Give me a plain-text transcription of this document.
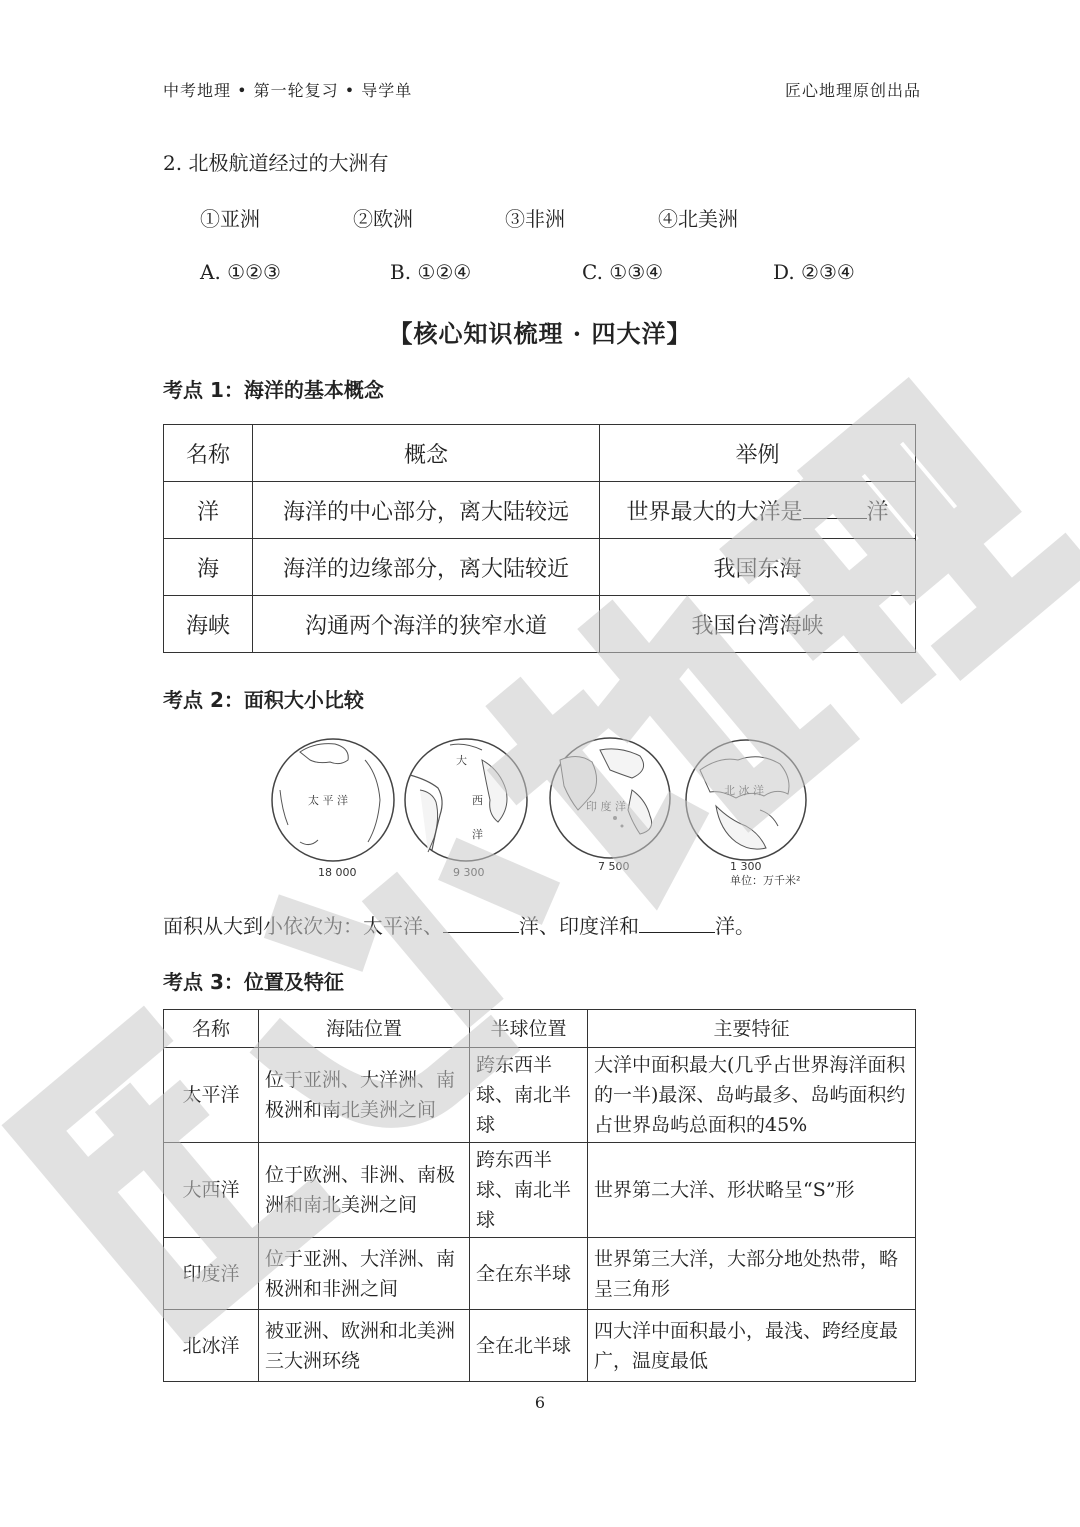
中考地理 • 第一轮复习 • 导学单	匠心地理原创出品
2. 北极航道经过的大洲有
①亚洲	②欧洲	③非洲	④北美洲
A. ①②③	B. ①②④	C. ①③④	D. ②③④
【核心知识梳理 · 四大洋】
考点 1：海洋的基本概念
名称	概念	举例
洋	海洋的中心部分，离大陆较远	世界最大的大洋是 洋
海	海洋的边缘部分，离大陆较近	我国东海
海峡	沟通两个海洋的狭窄水道	我国台湾海峡
考点 2：面积大小比较
太 平 洋
18 000
大
西
洋
9 300
印 度 洋
7 500
北 冰 洋
1 300
单位：万千米²
面积从大到小依次为：太平洋、	洋、印度洋和	洋。
考点 3：位置及特征
名称	海陆位置	半球位置	主要特征
太平洋	位于亚洲、大洋洲、南极洲和南北美洲之间	跨东西半球、南北半球	大洋中面积最大(几乎占世界海洋面积的一半)最深、岛屿最多、岛屿面积约占世界岛屿总面积的45%
大西洋	位于欧洲、非洲、南极洲和南北美洲之间	跨东西半球、南北半球	世界第二大洋、形状略呈“S”形
印度洋	位于亚洲、大洋洲、南极洲和非洲之间	全在东半球	世界第三大洋，大部分地处热带，略呈三角形
北冰洋	被亚洲、欧洲和北美洲三大洲环绕	全在北半球	四大洋中面积最小，最浅、跨经度最广，温度最低
6
